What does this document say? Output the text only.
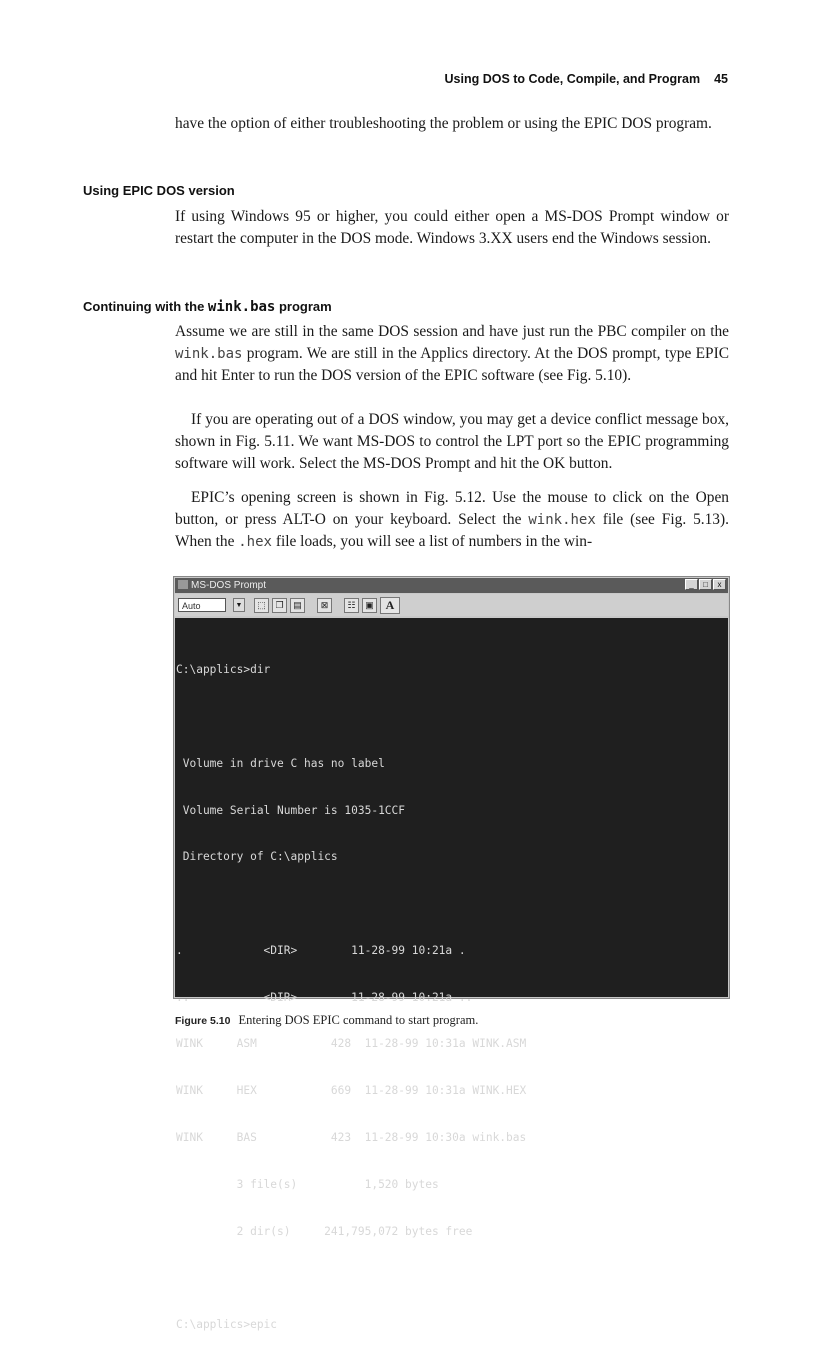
Using DOS to Code, Compile, and Program 45

have the option of either troubleshooting the problem or using the EPIC DOS program.

Using EPIC DOS version

If using Windows 95 or higher, you could either open a MS-DOS Prompt window or restart the computer in the DOS mode. Windows 3.XX users end the Windows session.

Continuing with the wink.bas program

Assume we are still in the same DOS session and have just run the PBC compiler on the wink.bas program. We are still in the Applics directory. At the DOS prompt, type EPIC and hit Enter to run the DOS version of the EPIC software (see Fig. 5.10).

If you are operating out of a DOS window, you may get a device conflict message box, shown in Fig. 5.11. We want MS-DOS to control the LPT port so the EPIC programming software will work. Select the MS-DOS Prompt and hit the OK button.

EPIC’s opening screen is shown in Fig. 5.12. Use the mouse to click on the Open button, or press ALT-O on your keyboard. Select the wink.hex file (see Fig. 5.13). When the .hex file loads, you will see a list of numbers in the win-

MS-DOS Prompt	_	□	x
Auto	▼	⬚	❐	▤	⊠	☷	▣ A

C:\applics>dir

Volume in drive C has no label

Volume Serial Number is 1035-1CCF

Directory of C:\applics

.            <DIR>        11-28-99 10:21a .

..           <DIR>        11-28-99 10:21a ..

WINK     ASM           428  11-28-99 10:31a WINK.ASM

WINK     HEX           669  11-28-99 10:31a WINK.HEX

WINK     BAS           423  11-28-99 10:30a wink.bas

3 file(s)          1,520 bytes

2 dir(s)     241,795,072 bytes free

C:\applics>epic

Figure 5.10 Entering DOS EPIC command to start program.
